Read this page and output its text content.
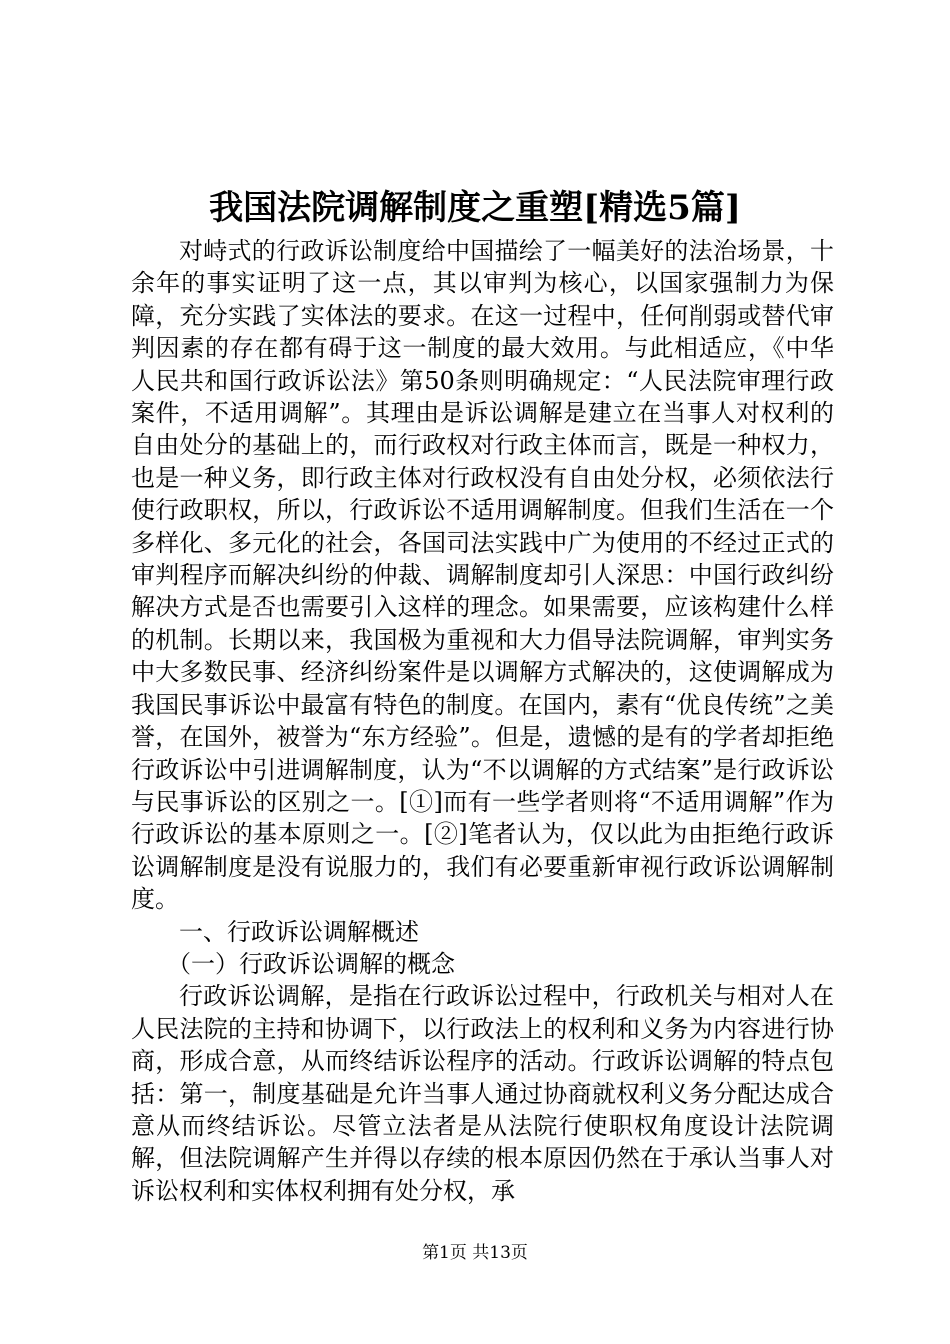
我国法院调解制度之重塑[精选5篇]

对峙式的行政诉讼制度给中国描绘了一幅美好的法治场景，十余年的事实证明了这一点，其以审判为核心，以国家强制力为保障，充分实践了实体法的要求。在这一过程中，任何削弱或替代审判因素的存在都有碍于这一制度的最大效用。与此相适应，《中华人民共和国行政诉讼法》第50条则明确规定：“人民法院审理行政案件，不适用调解”。其理由是诉讼调解是建立在当事人对权利的自由处分的基础上的，而行政权对行政主体而言，既是一种权力，也是一种义务，即行政主体对行政权没有自由处分权，必须依法行使行政职权，所以，行政诉讼不适用调解制度。但我们生活在一个多样化、多元化的社会，各国司法实践中广为使用的不经过正式的审判程序而解决纠纷的仲裁、调解制度却引人深思：中国行政纠纷解决方式是否也需要引入这样的理念。如果需要，应该构建什么样的机制。长期以来，我国极为重视和大力倡导法院调解，审判实务中大多数民事、经济纠纷案件是以调解方式解决的，这使调解成为我国民事诉讼中最富有特色的制度。在国内，素有“优良传统”之美誉，在国外，被誉为“东方经验”。但是，遗憾的是有的学者却拒绝行政诉讼中引进调解制度，认为“不以调解的方式结案”是行政诉讼与民事诉讼的区别之一。[①]而有一些学者则将“不适用调解”作为行政诉讼的基本原则之一。[②]笔者认为，仅以此为由拒绝行政诉讼调解制度是没有说服力的，我们有必要重新审视行政诉讼调解制度。

一、行政诉讼调解概述

（一）行政诉讼调解的概念

行政诉讼调解，是指在行政诉讼过程中，行政机关与相对人在人民法院的主持和协调下，以行政法上的权利和义务为内容进行协商，形成合意，从而终结诉讼程序的活动。行政诉讼调解的特点包括：第一，制度基础是允许当事人通过协商就权利义务分配达成合意从而终结诉讼。尽管立法者是从法院行使职权角度设计法院调解，但法院调解产生并得以存续的根本原因仍然在于承认当事人对诉讼权利和实体权利拥有处分权，承

第1页 共13页
